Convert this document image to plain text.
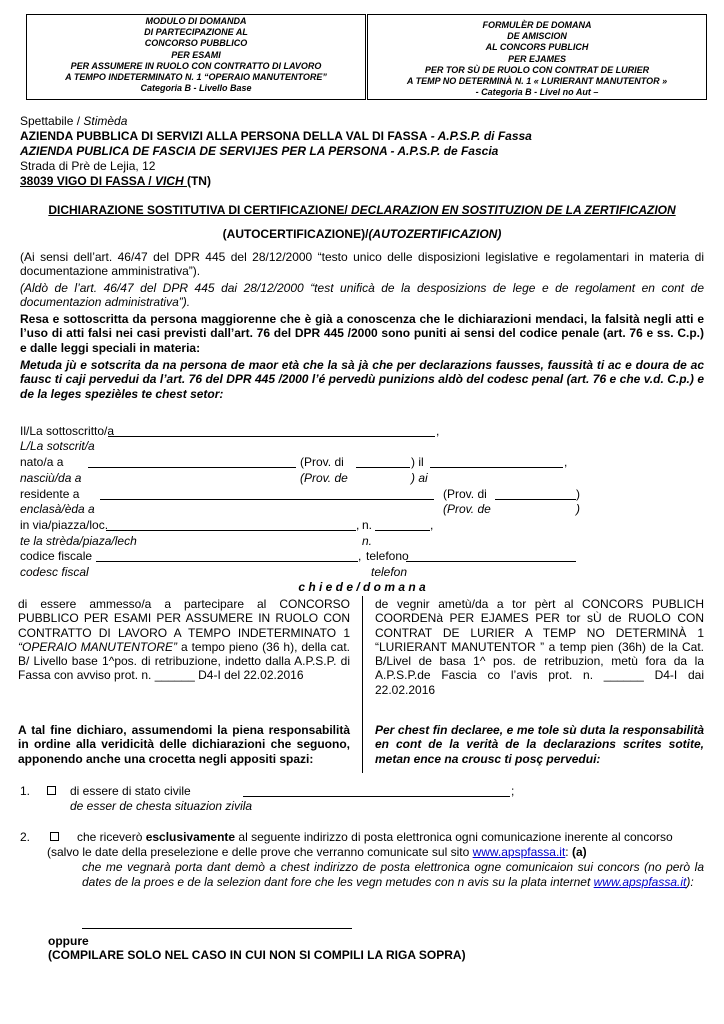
MODULO DI DOMANDA
DI PARTECIPAZIONE AL
CONCORSO PUBBLICO
PER ESAMI
PER ASSUMERE IN RUOLO CON CONTRATTO DI LAVORO
A TEMPO INDETERMINATO N. 1 “OPERAIO MANUTENTORE”
Categoria B - Livello Base
FORMULÈR DE DOMANA
DE AMISCION
AL CONCORS PUBLICH
PER EJAMES
PER TOR SÙ DE RUOLO CON CONTRAT DE LURIER
A TEMP NO DETERMINÀ N. 1 « LURIERANT MANUTENTOR »
- Categoria B - Livel no Aut –
Spettabile / Stimèda
AZIENDA PUBBLICA DI SERVIZI ALLA PERSONA DELLA VAL DI FASSA - A.P.S.P. di Fassa
AZIENDA PUBLICA DE FASCIA DE SERVIJES PER LA PERSONA - A.P.S.P. de Fascia
Strada di Prè de Lejia, 12
38039 VIGO DI FASSA / VICH (TN)
DICHIARAZIONE SOSTITUTIVA DI CERTIFICAZIONE/ DECLARAZION EN SOSTITUZION DE LA ZERTIFICAZION
(AUTOCERTIFICAZIONE)/(AUTOZERTIFICAZION)
(Ai sensi dell’art. 46/47 del DPR 445 del 28/12/2000 “testo unico delle disposizioni legislative e regolamentari in materia di documentazione amministrativa”).
(Aldò de l’art. 46/47 del DPR 445 dai 28/12/2000 “test unificà de la desposizions de lege e de regolament en cont de documentazion administrativa”).
Resa e sottoscritta da persona maggiorenne che è già a conoscenza che le dichiarazioni mendaci, la falsità negli atti e l’uso di atti falsi nei casi previsti dall’art. 76 del DPR 445 /2000 sono puniti ai sensi del codice penale (art. 76 e ss. C.p.) e dalle leggi speciali in materia:
Metuda jù e sotscrita da na persona de maor età che la sà jà che per declarazions fausses, faussità ti ac e doura de ac fausc ti caji pervedui da l’art. 76 del DPR 445 /2000 l’é pervedù punizions aldò del codesc penal (art. 76 e che v.d. C.p.) e de la leges spezièles te chest setor:
Il/La sottoscritto/a	,
L/La sotscrit/a
nato/a a	(Prov. di	) il	,
nasciù/da a	(Prov. de	) ai
residente a	(Prov. di	)
enclasà/èda a	(Prov. de	)
in via/piazza/loc.	, n.	,
te la strèda/piaza/lech	n.
codice fiscale	, telefono
codesc fiscal	telefon
c h i e d e / d o m a n a
di essere ammesso/a a partecipare al CONCORSO PUBBLICO PER ESAMI PER ASSUMERE IN RUOLO CON CONTRATTO DI LAVORO A TEMPO INDETERMINATO 1 “OPERAIO MANUTENTORE” a tempo pieno (36 h), della cat. B/ Livello base 1^pos. di retribuzione, indetto dalla A.P.S.P. di Fassa con avviso prot. n. ______ D4-I del 22.02.2016
de vegnir ametù/da a tor pèrt al CONCORS PUBLICH COORDENà PER EJAMES PER tor sÙ de RUOLO CON CONTRAT DE LURIER A TEMP NO DETERMINÀ 1 “LURIERANT MANUTENTOR ” a temp pien (36h) de la Cat. B/Livel de basa 1^ pos. de retribuzion, metù fora da la A.P.S.P.de Fascia co l’avis prot. n. ______ D4-I dai 22.02.2016
A tal fine dichiaro, assumendomi la piena responsabilità in ordine alla veridicità delle dichiarazioni che seguono, apponendo anche una crocetta negli appositi spazi:
Per chest fin declaree, e me tole sù duta la responsabilità en cont de la verità de la declarazions scrites sotite, metan ence na crousc ti posç pervedui:
1.	di essere di stato civile	;
de esser de chesta situazion zivila
2.	che riceverò esclusivamente al seguente indirizzo di posta elettronica ogni comunicazione inerente al concorso (salvo le date della preselezione e delle prove che verranno comunicate sul sito www.apspfassa.it: (a)
che me vegnarà porta dant demò a chest indirizzo de posta elettronica ogne comunicaion sui concors (no però la dates de la proes e de la selezion dant fore che les vegn metudes con n avis su la plata internet www.apspfassa.it):
oppure
(COMPILARE SOLO NEL CASO IN CUI NON SI COMPILI LA RIGA SOPRA)
